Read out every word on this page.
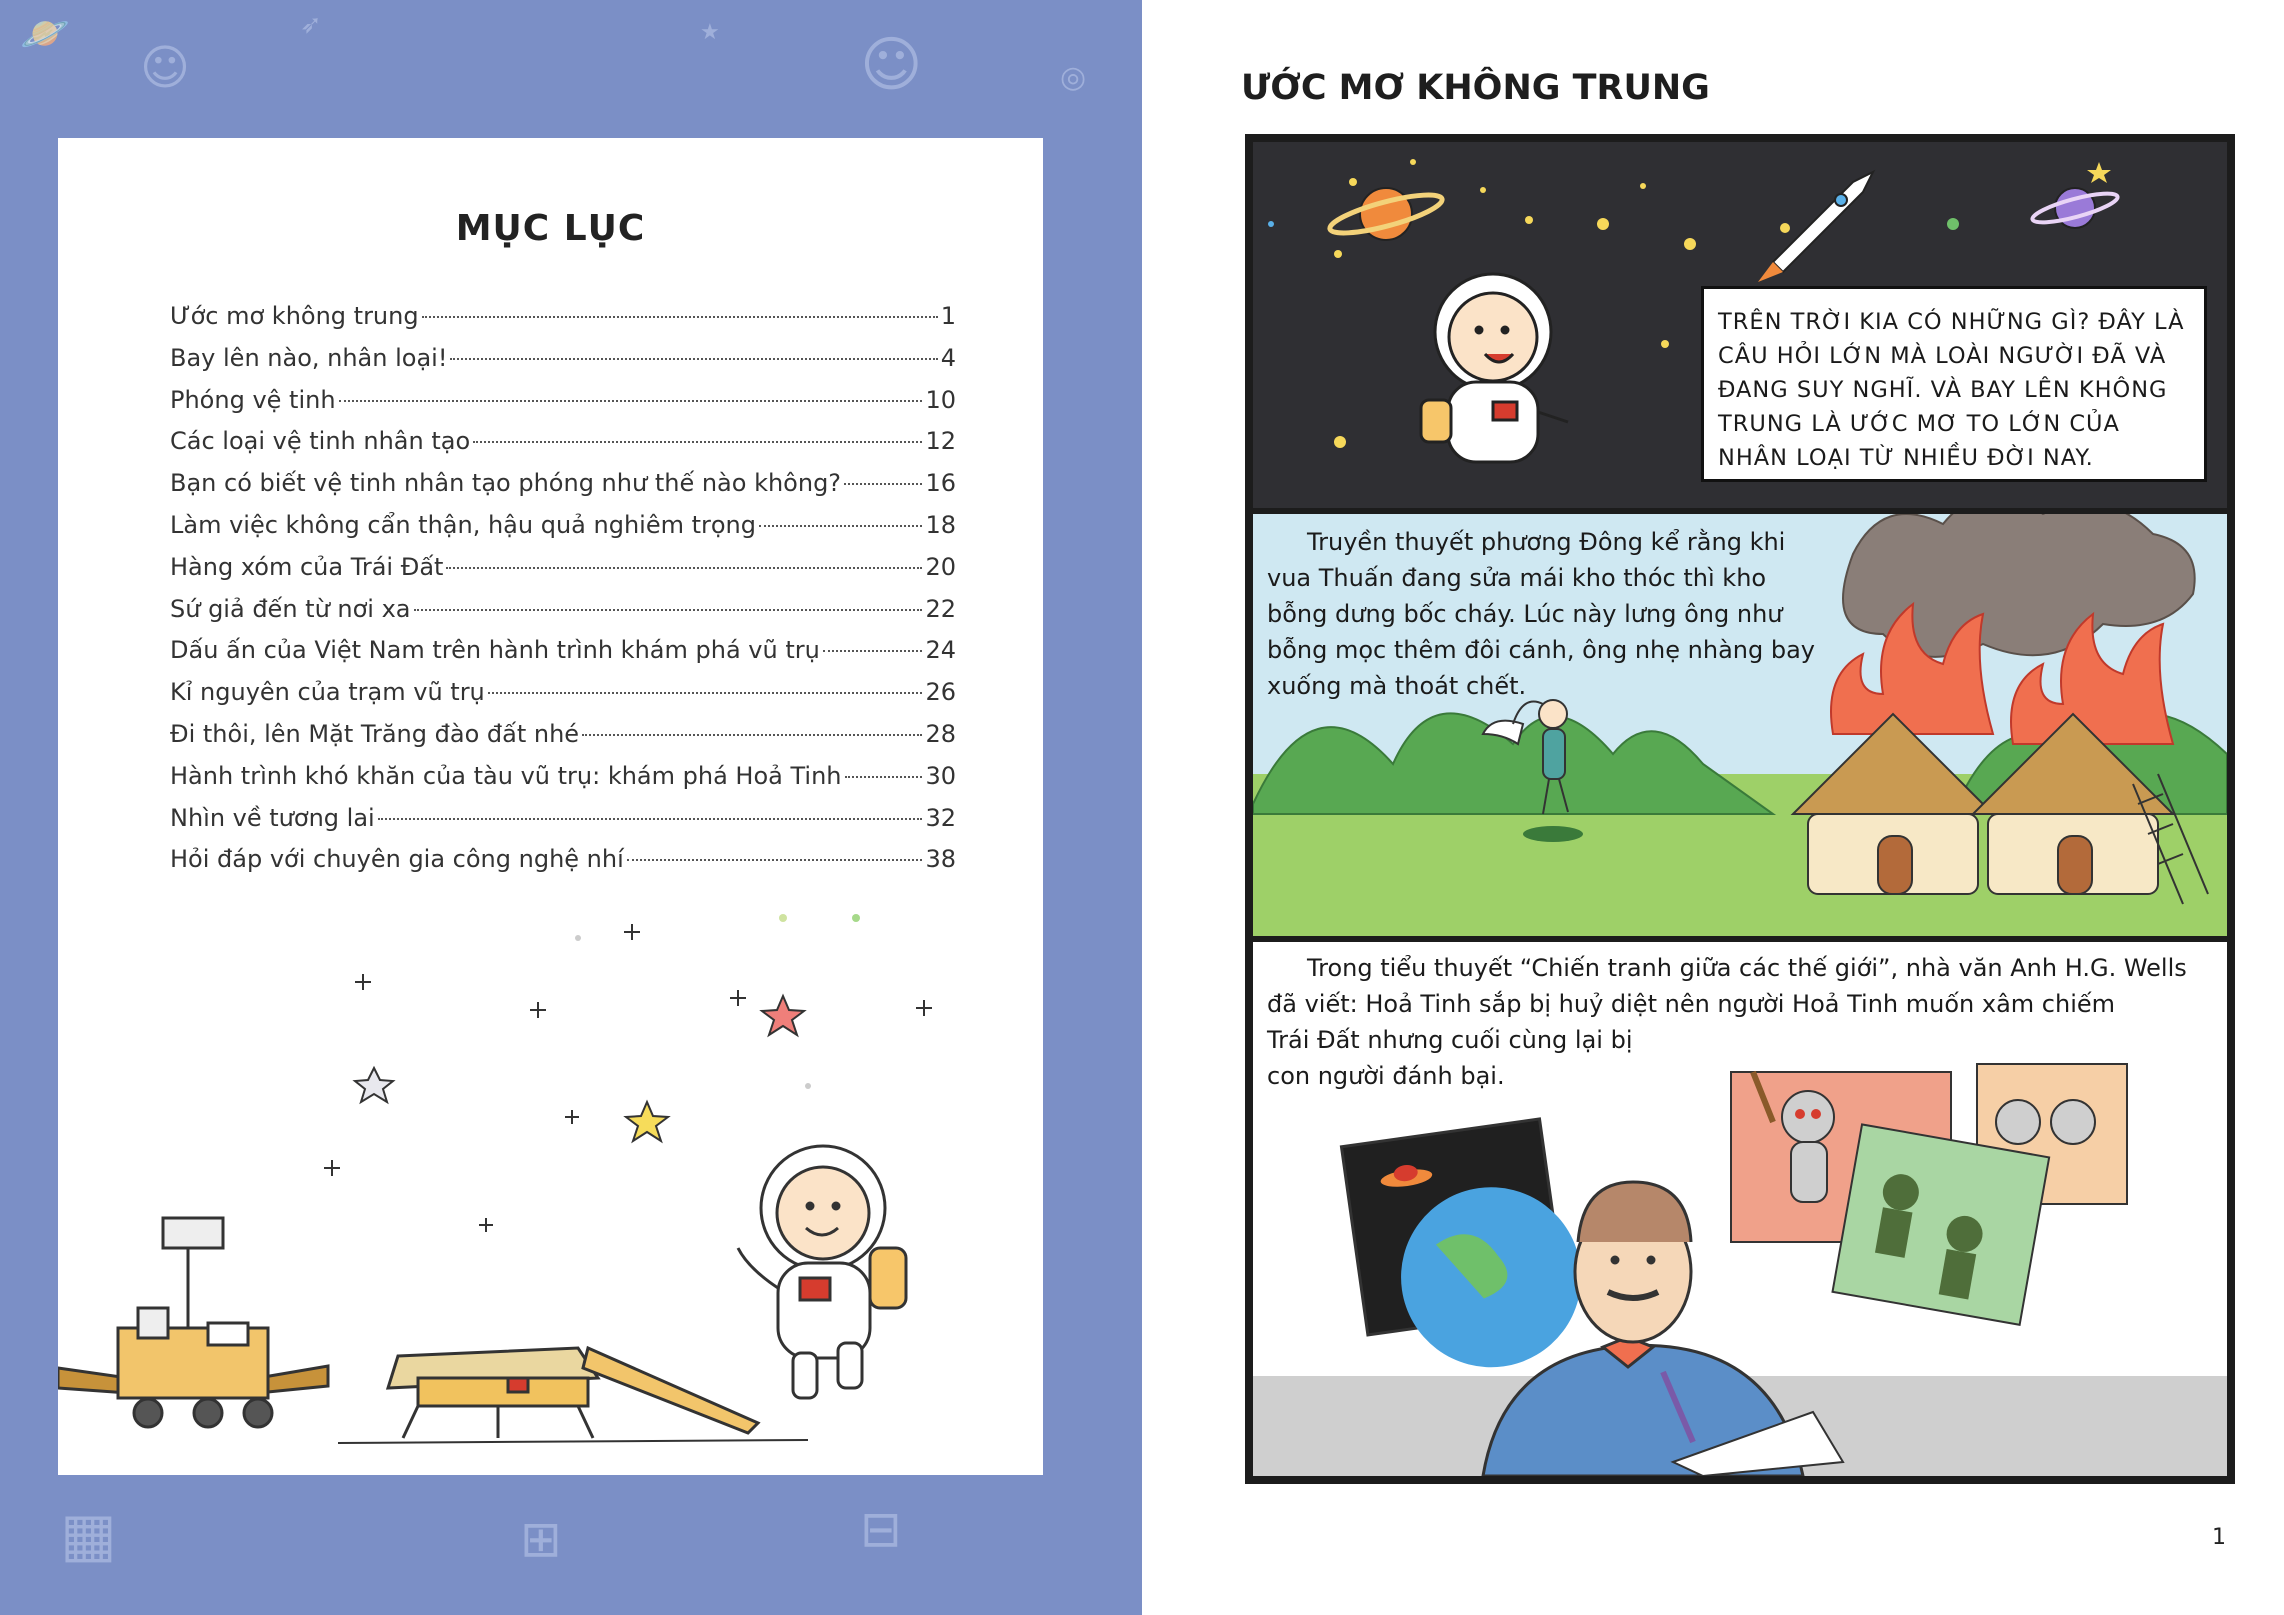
🪐
☺
➶
☺
★
◎
▦	⊞	⊟
MỤC LỤC
Ước mơ không trung	1
Bay lên nào, nhân loại!	4
Phóng vệ tinh	10
Các loại vệ tinh nhân tạo	12
Bạn có biết vệ tinh nhân tạo phóng như thế nào không?	16
Làm việc không cẩn thận, hậu quả nghiêm trọng	18
Hàng xóm của Trái Đất	20
Sứ giả đến từ nơi xa	22
Dấu ấn của Việt Nam trên hành trình khám phá vũ trụ	24
Kỉ nguyên của trạm vũ trụ	26
Đi thôi, lên Mặt Trăng đào đất nhé	28
Hành trình khó khăn của tàu vũ trụ: khám phá Hoả Tinh	30
Nhìn về tương lai	32
Hỏi đáp với chuyên gia công nghệ nhí	38
ƯỚC MƠ KHÔNG TRUNG
TRÊN TRỜI KIA CÓ NHỮNG GÌ? ĐÂY LÀ CÂU HỎI LỚN MÀ LOÀI NGƯỜI ĐÃ VÀ ĐANG SUY NGHĨ. VÀ BAY LÊN KHÔNG TRUNG LÀ ƯỚC MƠ TO LỚN CỦA NHÂN LOẠI TỪ NHIỀU ĐỜI NAY.
Truyền thuyết phương Đông kể rằng khi vua Thuấn đang sửa mái kho thóc thì kho bỗng dưng bốc cháy. Lúc này lưng ông như bỗng mọc thêm đôi cánh, ông nhẹ nhàng bay xuống mà thoát chết.
Trong tiểu thuyết “Chiến tranh giữa các thế giới”, nhà văn Anh H.G. Wells
đã viết: Hoả Tinh sắp bị huỷ diệt nên người Hoả Tinh muốn xâm chiếm
Trái Đất nhưng cuối cùng lại bị
con người đánh bại.
1
